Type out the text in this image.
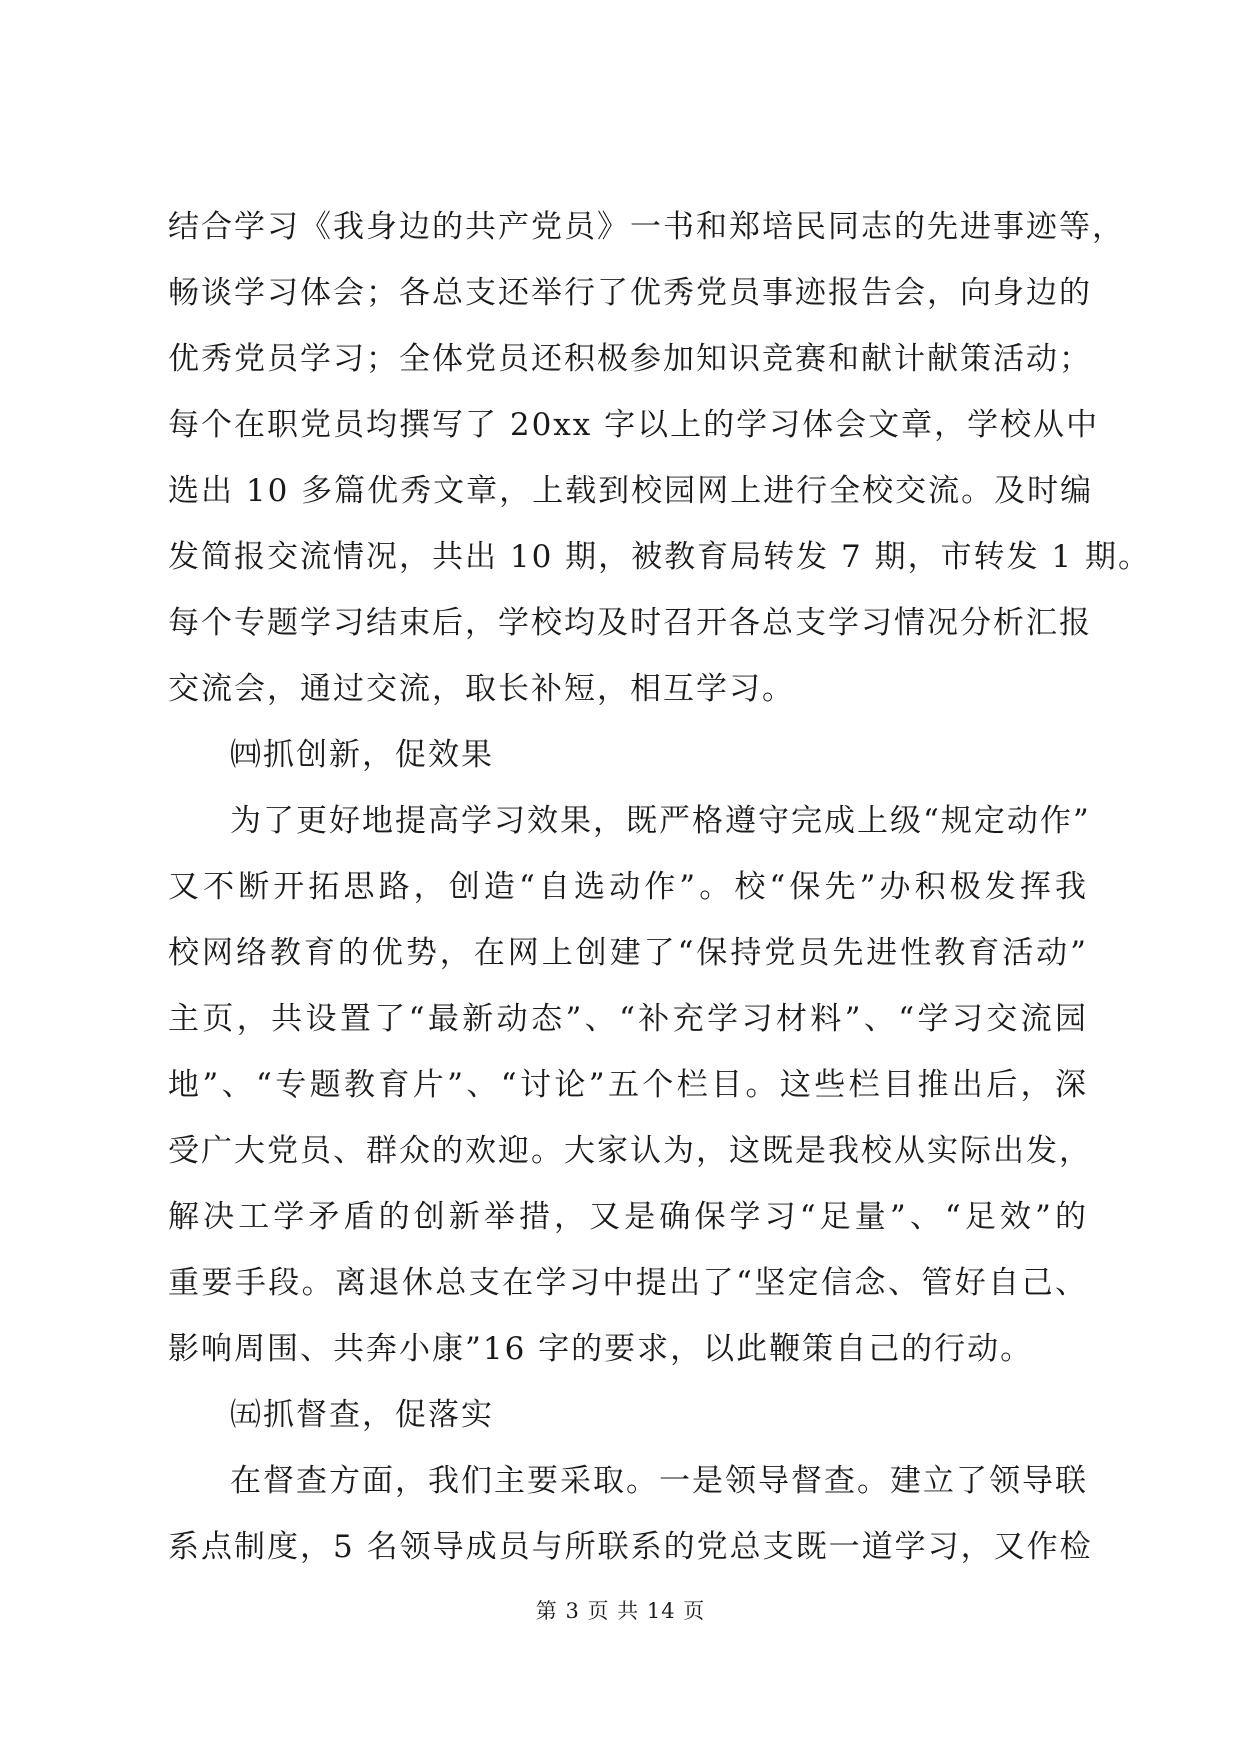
结合学习《我身边的共产党员》一书和郑培民同志的先进事迹等，
畅谈学习体会；各总支还举行了优秀党员事迹报告会，向身边的
优秀党员学习；全体党员还积极参加知识竞赛和献计献策活动；
每个在职党员均撰写了 20xx 字以上的学习体会文章，学校从中
选出 10 多篇优秀文章，上载到校园网上进行全校交流。及时编
发简报交流情况，共出 10 期，被教育局转发 7 期，市转发 1 期。
每个专题学习结束后，学校均及时召开各总支学习情况分析汇报
交流会，通过交流，取长补短，相互学习。
㈣抓创新，促效果
为了更好地提高学习效果，既严格遵守完成上级“规定动作”
又不断开拓思路，创造“自选动作”。校“保先”办积极发挥我
校网络教育的优势，在网上创建了“保持党员先进性教育活动”
主页，共设置了“最新动态”、“补充学习材料”、“学习交流园
地”、“专题教育片”、“讨论”五个栏目。这些栏目推出后，深
受广大党员、群众的欢迎。大家认为，这既是我校从实际出发，
解决工学矛盾的创新举措，又是确保学习“足量”、“足效”的
重要手段。离退休总支在学习中提出了“坚定信念、管好自己、
影响周围、共奔小康”16 字的要求，以此鞭策自己的行动。
㈤抓督查，促落实
在督查方面，我们主要采取。一是领导督查。建立了领导联
系点制度，5 名领导成员与所联系的党总支既一道学习，又作检
第 3 页 共 14 页
